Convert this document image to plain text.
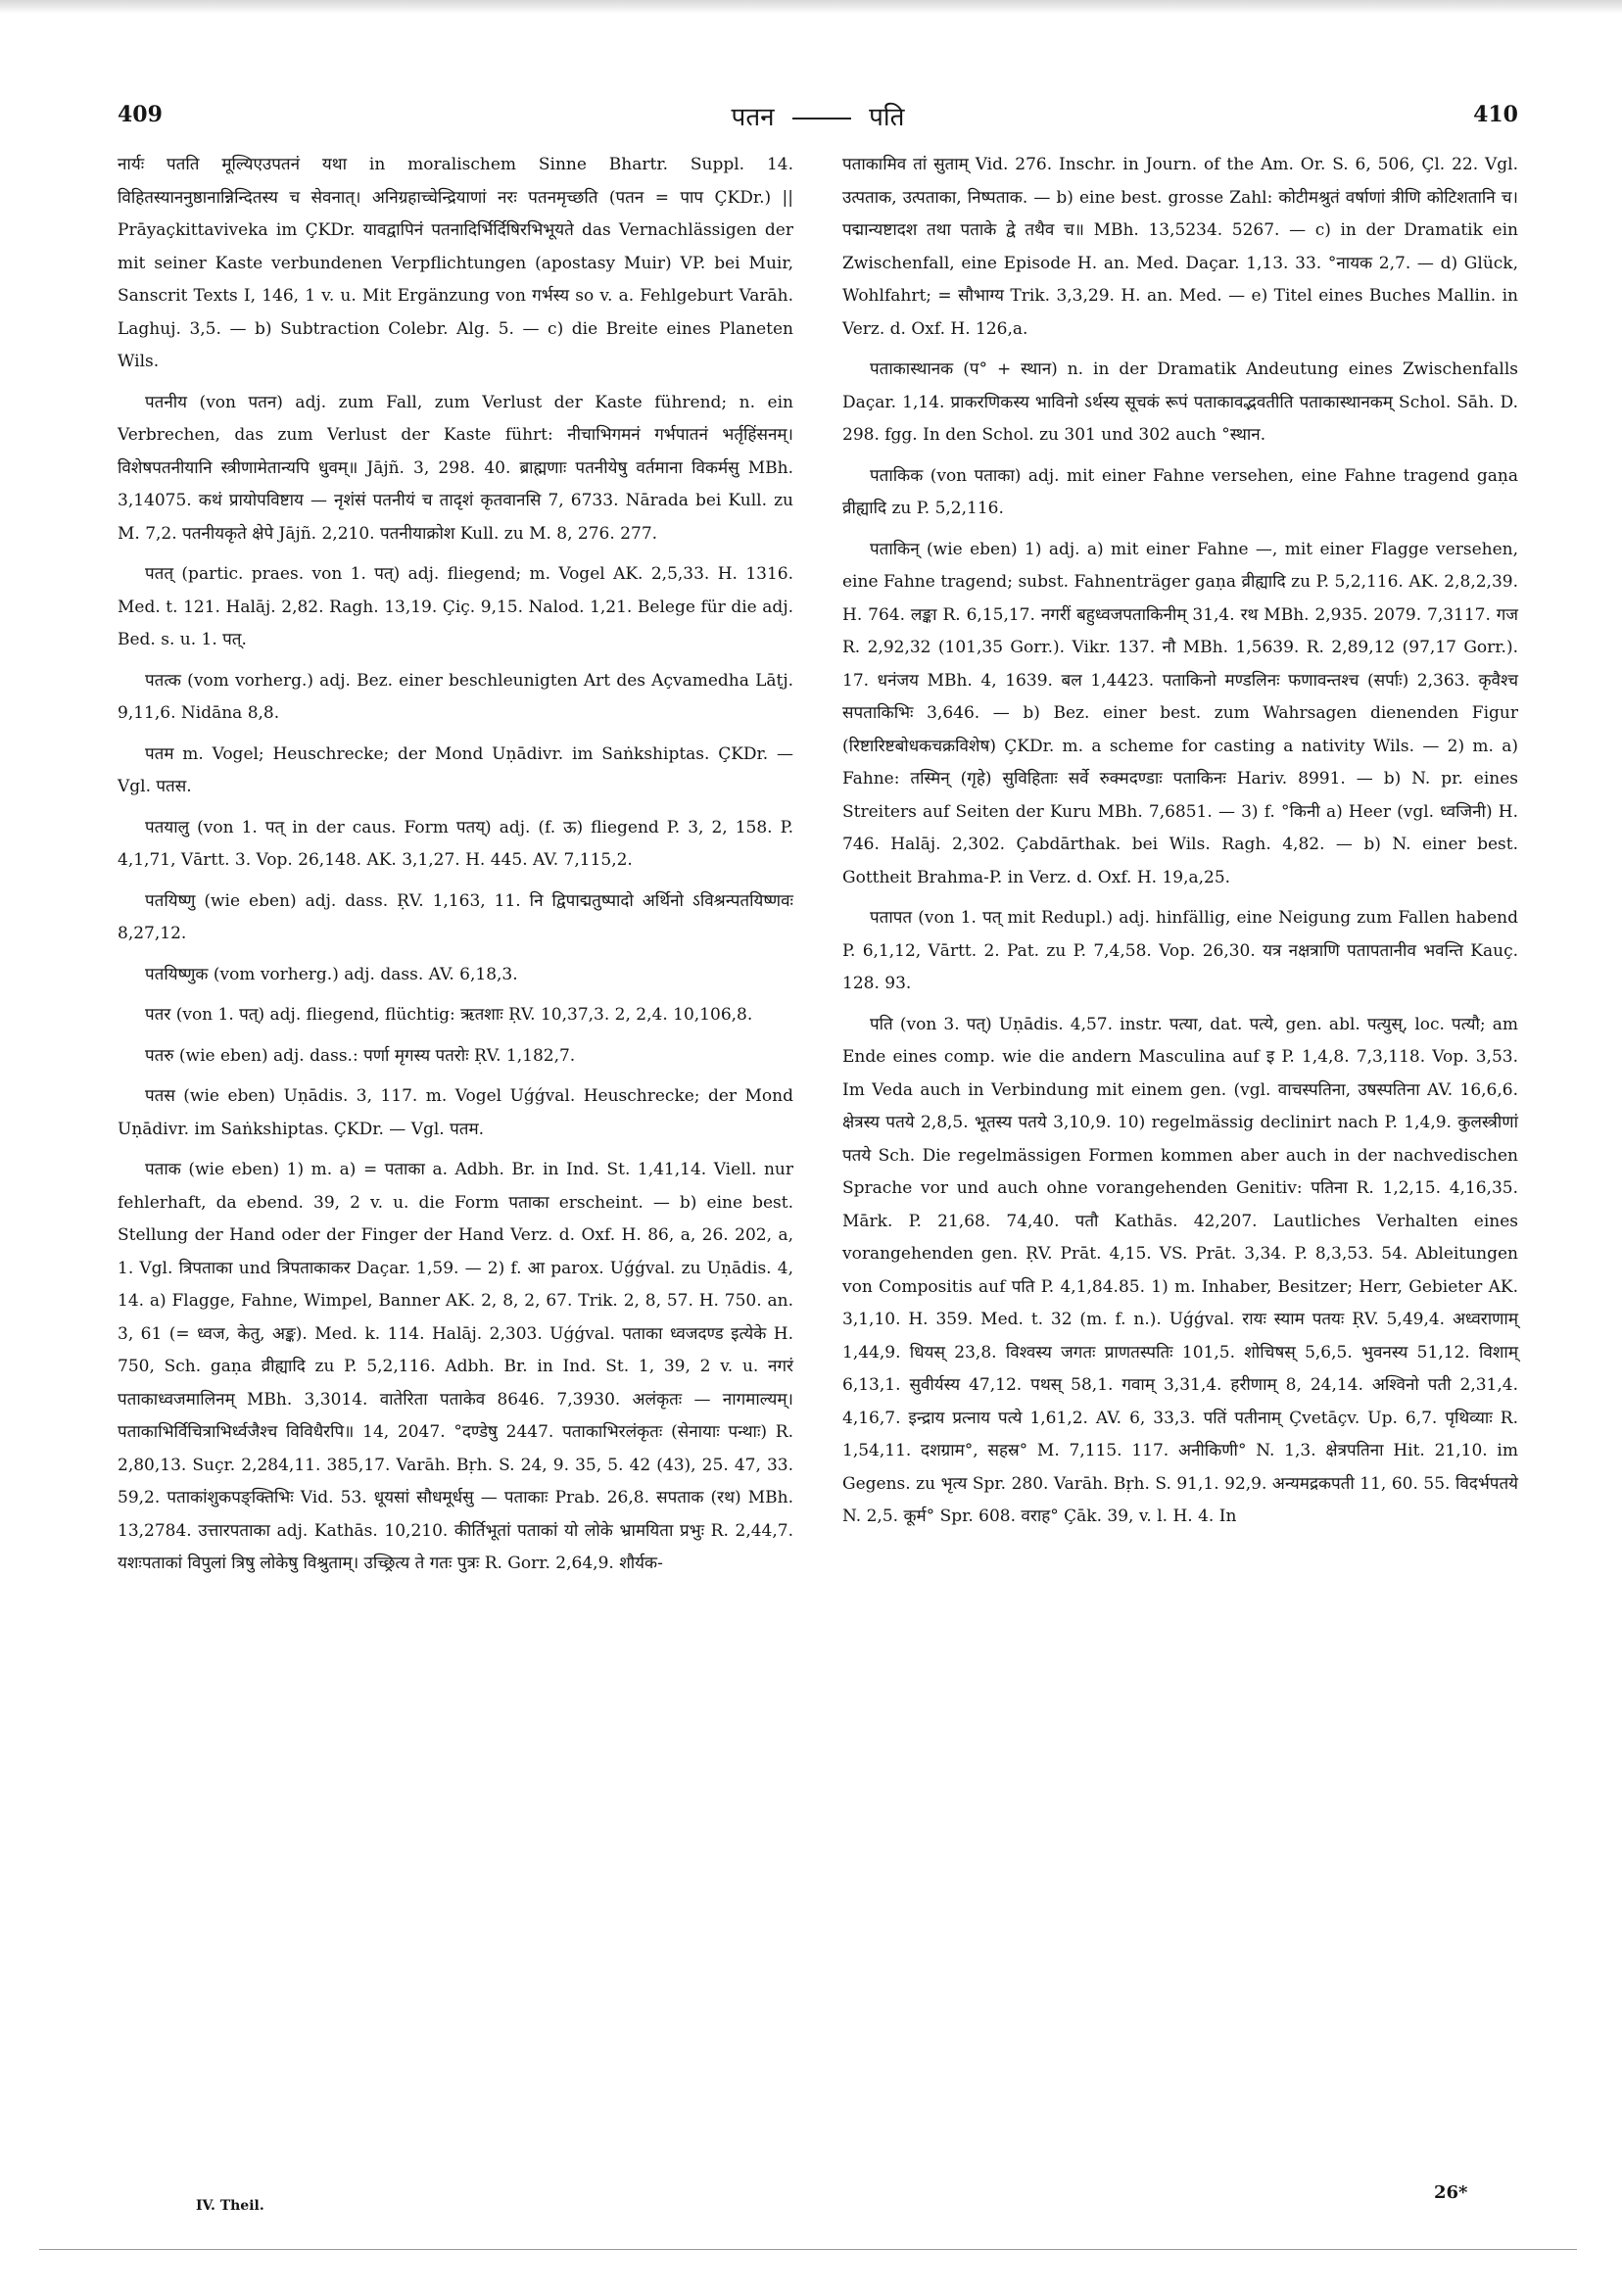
409	पतन	पति	410

नार्यः पतति मूल्यिएउपतनं यथा in moralischem Sinne Bhartr. Suppl. 14. विहितस्याननुष्ठानान्निन्दितस्य च सेवनात्। अनिग्रहाच्चेन्द्रियाणां नरः पतनमृच्छति (पतन = पाप ÇKDr.) || Prāyaçkittaviveka im ÇKDr. यावद्वापिनं पतनादिर्भिर्दिषिरभिभूयते das Vernachlässigen der mit seiner Kaste verbundenen Verpflichtungen (apostasy Muir) VP. bei Muir, Sanscrit Texts I, 146, 1 v. u. Mit Ergänzung von गर्भस्य so v. a. Fehlgeburt Varāh. Laghuj. 3,5. — b) Subtraction Colebr. Alg. 5. — c) die Breite eines Planeten Wils.

पतनीय (von पतन) adj. zum Fall, zum Verlust der Kaste führend; n. ein Verbrechen, das zum Verlust der Kaste führt: नीचाभिगमनं गर्भपातनं भर्तृहिंसनम्। विशेषपतनीयानि स्त्रीणामेतान्यपि धुवम्॥ Jājñ. 3, 298. 40. ब्राह्मणाः पतनीयेषु वर्तमाना विकर्मसु MBh. 3,14075. कथं प्रायोपविष्टाय — नृशंसं पतनीयं च तादृशं कृतवानसि 7, 6733. Nārada bei Kull. zu M. 7,2. पतनीयकृते क्षेपे Jājñ. 2,210. पतनीयाक्रोश Kull. zu M. 8, 276. 277.

पतत् (partic. praes. von 1. पत्) adj. fliegend; m. Vogel AK. 2,5,33. H. 1316. Med. t. 121. Halāj. 2,82. Ragh. 13,19. Çiç. 9,15. Nalod. 1,21. Belege für die adj. Bed. s. u. 1. पत्.

पतत्क (vom vorherg.) adj. Bez. einer beschleunigten Art des Açvamedha Lāṭj. 9,11,6. Nidāna 8,8.

पतम m. Vogel; Heuschrecke; der Mond Uṇādivr. im Saṅkshiptas. ÇKDr. — Vgl. पतस.

पतयालु (von 1. पत् in der caus. Form पतय्) adj. (f. ऊ) fliegend P. 3, 2, 158. P. 4,1,71, Vārtt. 3. Vop. 26,148. AK. 3,1,27. H. 445. AV. 7,115,2.

पतयिष्णु (wie eben) adj. dass. ṚV. 1,163, 11. नि द्विपाद्मतुष्पादो अर्थिनो ऽविश्रन्पतयिष्णवः 8,27,12.

पतयिष्णुक (vom vorherg.) adj. dass. AV. 6,18,3.

पतर (von 1. पत्) adj. fliegend, flüchtig: ऋतशाः ṚV. 10,37,3. 2, 2,4. 10,106,8.

पतरु (wie eben) adj. dass.: पर्णा मृगस्य पतरोः ṚV. 1,182,7.

पतस (wie eben) Uṇādis. 3, 117. m. Vogel Uǵǵval. Heuschrecke; der Mond Uṇādivr. im Saṅkshiptas. ÇKDr. — Vgl. पतम.

पताक (wie eben) 1) m. a) = पताका a. Adbh. Br. in Ind. St. 1,41,14. Viell. nur fehlerhaft, da ebend. 39, 2 v. u. die Form पताका erscheint. — b) eine best. Stellung der Hand oder der Finger der Hand Verz. d. Oxf. H. 86, a, 26. 202, a, 1. Vgl. त्रिपताका und त्रिपताकाकर Daçar. 1,59. — 2) f. आ parox. Uǵǵval. zu Uṇādis. 4, 14. a) Flagge, Fahne, Wimpel, Banner AK. 2, 8, 2, 67. Trik. 2, 8, 57. H. 750. an. 3, 61 (= ध्वज, केतु, अङ्क). Med. k. 114. Halāj. 2,303. Uǵǵval. पताका ध्वजदण्ड इत्येके H. 750, Sch. gaṇa व्रीह्यादि zu P. 5,2,116. Adbh. Br. in Ind. St. 1, 39, 2 v. u. नगरं पताकाध्वजमालिनम् MBh. 3,3014. वातेरिता पताकेव 8646. 7,3930. अलंकृतः — नागमाल्यम्। पताकाभिर्विचित्राभिर्ध्वजैश्च विविधैरपि॥ 14, 2047. °दण्डेषु 2447. पताकाभिरलंकृतः (सेनायाः पन्थाः) R. 2,80,13. Suçr. 2,284,11. 385,17. Varāh. Bṛh. S. 24, 9. 35, 5. 42 (43), 25. 47, 33. 59,2. पताकांशुकपङ्क्तिभिः Vid. 53. धूयसां सौधमूर्धसु — पताकाः Prab. 26,8. सपताक (रथ) MBh. 13,2784. उत्तारपताका adj. Kathās. 10,210. कीर्तिभूतां पताकां यो लोके भ्रामयिता प्रभुः R. 2,44,7. यशःपताकां विपुलां त्रिषु लोकेषु विश्रुताम्। उच्छ्रित्य ते गतः पुत्रः R. Gorr. 2,64,9. शौर्यक-

पताकामिव तां सुताम् Vid. 276. Inschr. in Journ. of the Am. Or. S. 6, 506, Çl. 22. Vgl. उत्पताक, उत्पताका, निष्पताक. — b) eine best. grosse Zahl: कोटीमश्रुतं वर्षाणां त्रीणि कोटिशतानि च। पद्मान्यष्टादश तथा पताके द्वे तथैव च॥ MBh. 13,5234. 5267. — c) in der Dramatik ein Zwischenfall, eine Episode H. an. Med. Daçar. 1,13. 33. °नायक 2,7. — d) Glück, Wohlfahrt; = सौभाग्य Trik. 3,3,29. H. an. Med. — e) Titel eines Buches Mallin. in Verz. d. Oxf. H. 126,a.

पताकास्थानक (प° + स्थान) n. in der Dramatik Andeutung eines Zwischenfalls Daçar. 1,14. प्राकरणिकस्य भाविनो ऽर्थस्य सूचकं रूपं पताकावद्भवतीति पताकास्थानकम् Schol. Sāh. D. 298. fgg. In den Schol. zu 301 und 302 auch °स्थान.

पताकिक (von पताका) adj. mit einer Fahne versehen, eine Fahne tragend gaṇa व्रीह्यादि zu P. 5,2,116.

पताकिन् (wie eben) 1) adj. a) mit einer Fahne —, mit einer Flagge versehen, eine Fahne tragend; subst. Fahnenträger gaṇa व्रीह्यादि zu P. 5,2,116. AK. 2,8,2,39. H. 764. लङ्का R. 6,15,17. नगरीं बहुध्वजपताकिनीम् 31,4. रथ MBh. 2,935. 2079. 7,3117. गज R. 2,92,32 (101,35 Gorr.). Vikr. 137. नौ MBh. 1,5639. R. 2,89,12 (97,17 Gorr.). 17. धनंजय MBh. 4, 1639. बल 1,4423. पताकिनो मण्डलिनः फणावन्तश्च (सर्पाः) 2,363. कृवैश्च सपताकिभिः 3,646. — b) Bez. einer best. zum Wahrsagen dienenden Figur (रिष्टारिष्टबोधकचक्रविशेष) ÇKDr. m. a scheme for casting a nativity Wils. — 2) m. a) Fahne: तस्मिन् (गृहे) सुविहिताः सर्वे रुक्मदण्डाः पताकिनः Hariv. 8991. — b) N. pr. eines Streiters auf Seiten der Kuru MBh. 7,6851. — 3) f. °किनी a) Heer (vgl. ध्वजिनी) H. 746. Halāj. 2,302. Çabdārthak. bei Wils. Ragh. 4,82. — b) N. einer best. Gottheit Brahma-P. in Verz. d. Oxf. H. 19,a,25.

पतापत (von 1. पत् mit Redupl.) adj. hinfällig, eine Neigung zum Fallen habend P. 6,1,12, Vārtt. 2. Pat. zu P. 7,4,58. Vop. 26,30. यत्र नक्षत्राणि पतापतानीव भवन्ति Kauç. 128. 93.

पति (von 3. पत्) Uṇādis. 4,57. instr. पत्या, dat. पत्ये, gen. abl. पत्युस्, loc. पत्यौ; am Ende eines comp. wie die andern Masculina auf इ P. 1,4,8. 7,3,118. Vop. 3,53. Im Veda auch in Verbindung mit einem gen. (vgl. वाचस्पतिना, उषस्पतिना AV. 16,6,6. क्षेत्रस्य पतये 2,8,5. भूतस्य पतये 3,10,9. 10) regelmässig declinirt nach P. 1,4,9. कुलस्त्रीणां पतये Sch. Die regelmässigen Formen kommen aber auch in der nachvedischen Sprache vor und auch ohne vorangehenden Genitiv: पतिना R. 1,2,15. 4,16,35. Mārk. P. 21,68. 74,40. पतौ Kathās. 42,207. Lautliches Verhalten eines vorangehenden gen. ṚV. Prāt. 4,15. VS. Prāt. 3,34. P. 8,3,53. 54. Ableitungen von Compositis auf पति P. 4,1,84.85. 1) m. Inhaber, Besitzer; Herr, Gebieter AK. 3,1,10. H. 359. Med. t. 32 (m. f. n.). Uǵǵval. रायः स्याम पतयः ṚV. 5,49,4. अध्वराणाम् 1,44,9. धियस् 23,8. विश्वस्य जगतः प्राणतस्पतिः 101,5. शोचिषस् 5,6,5. भुवनस्य 51,12. विशाम् 6,13,1. सुवीर्यस्य 47,12. पथस् 58,1. गवाम् 3,31,4. हरीणाम् 8, 24,14. अश्विनो पती 2,31,4. 4,16,7. इन्द्राय प्रत्नाय पत्ये 1,61,2. AV. 6, 33,3. पतिं पतीनाम् Çvetāçv. Up. 6,7. पृथिव्याः R. 1,54,11. दशग्राम°, सहस्र° M. 7,115. 117. अनीकिणी° N. 1,3. क्षेत्रपतिना Hit. 21,10. im Gegens. zu भृत्य Spr. 280. Varāh. Bṛh. S. 91,1. 92,9. अन्यमद्रकपती 11, 60. 55. विदर्भपतये N. 2,5. कूर्म° Spr. 608. वराह° Çāk. 39, v. l. H. 4. In

IV. Theil.
26*
